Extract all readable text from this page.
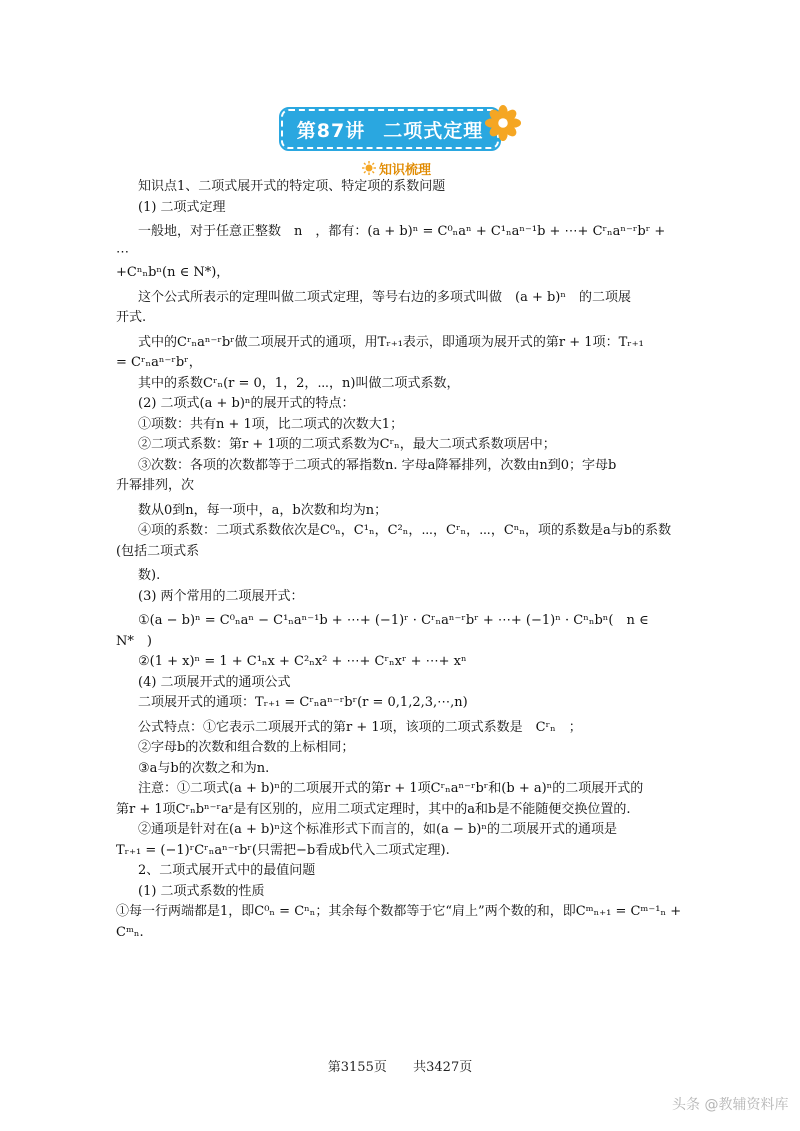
第87讲 二项式定理
知识梳理

知识点1、二项式展开式的特定项、特定项的系数问题

(1) 二项式定理

一般地，对于任意正整数　n　，都有：(a + b)ⁿ = C⁰ₙaⁿ + C¹ₙaⁿ⁻¹b + ⋯+ Cʳₙaⁿ⁻ʳbʳ + ⋯

+Cⁿₙbⁿ(n ∈ N*)，

这个公式所表示的定理叫做二项式定理，等号右边的多项式叫做　(a + b)ⁿ　的二项展

开式.

式中的Cʳₙaⁿ⁻ʳbʳ做二项展开式的通项，用Tᵣ₊₁表示，即通项为展开式的第r + 1项：Tᵣ₊₁

= Cʳₙaⁿ⁻ʳbʳ，

其中的系数Cʳₙ(r = 0，1，2，⋯，n)叫做二项式系数，

(2) 二项式(a + b)ⁿ的展开式的特点：

①项数：共有n + 1项，比二项式的次数大1；

②二项式系数：第r + 1项的二项式系数为Cʳₙ，最大二项式系数项居中；

③次数：各项的次数都等于二项式的幂指数n. 字母a降幂排列，次数由n到0；字母b

升幂排列，次

数从0到n，每一项中，a，b次数和均为n；

④项的系数：二项式系数依次是C⁰ₙ，C¹ₙ，C²ₙ，⋯，Cʳₙ，⋯，Cⁿₙ，项的系数是a与b的系数

(包括二项式系

数).

(3) 两个常用的二项展开式：

①(a − b)ⁿ = C⁰ₙaⁿ − C¹ₙaⁿ⁻¹b + ⋯+ (−1)ʳ · Cʳₙaⁿ⁻ʳbʳ + ⋯+ (−1)ⁿ · Cⁿₙbⁿ(　n ∈ N*　)

②(1 + x)ⁿ = 1 + C¹ₙx + C²ₙx² + ⋯+ Cʳₙxʳ + ⋯+ xⁿ

(4) 二项展开式的通项公式

二项展开式的通项：Tᵣ₊₁ = Cʳₙaⁿ⁻ʳbʳ(r = 0,1,2,3,⋯,n)

公式特点：①它表示二项展开式的第r + 1项，该项的二项式系数是　Cʳₙ　；

②字母b的次数和组合数的上标相同；

③a与b的次数之和为n.

注意：①二项式(a + b)ⁿ的二项展开式的第r + 1项Cʳₙaⁿ⁻ʳbʳ和(b + a)ⁿ的二项展开式的

第r + 1项Cʳₙbⁿ⁻ʳaʳ是有区别的，应用二项式定理时，其中的a和b是不能随便交换位置的.

②通项是针对在(a + b)ⁿ这个标准形式下而言的，如(a − b)ⁿ的二项展开式的通项是

Tᵣ₊₁ = (−1)ʳCʳₙaⁿ⁻ʳbʳ(只需把−b看成b代入二项式定理).

2、二项式展开式中的最值问题

(1) 二项式系数的性质

①每一行两端都是1，即C⁰ₙ = Cⁿₙ；其余每个数都等于它“肩上”两个数的和，即Cᵐₙ₊₁ = Cᵐ⁻¹ₙ +

Cᵐₙ.

第3155页 共3427页
头条 @教辅资料库
